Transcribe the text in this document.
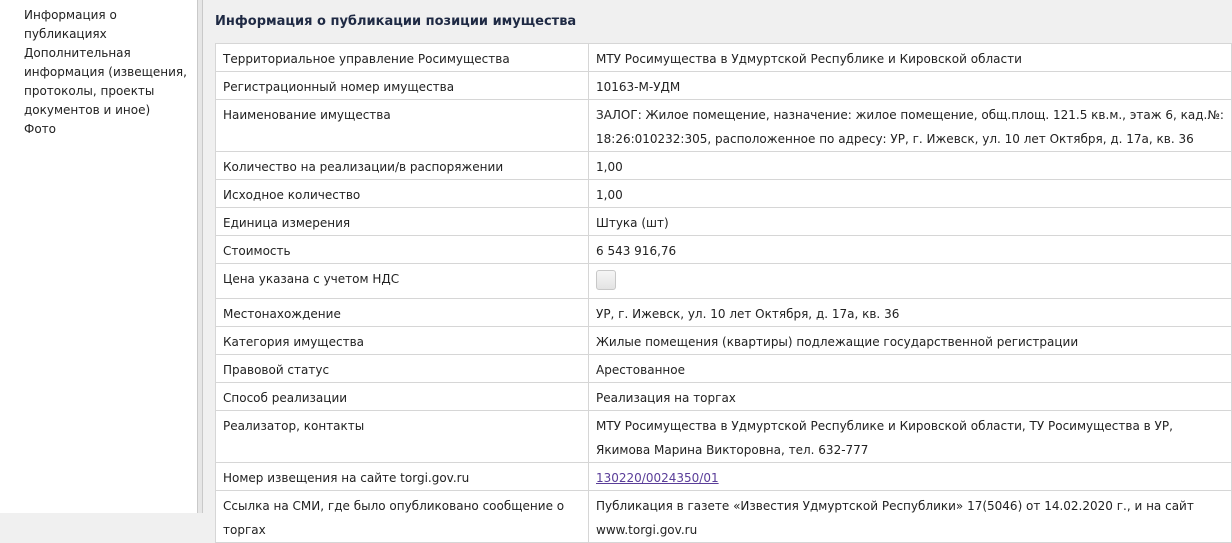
Информация о публикациях
Дополнительная информация (извещения, протоколы, проекты документов и иное)
Фото
Информация о публикации позиции имущества
Территориальное управление Росимущества	МТУ Росимущества в Удмуртской Республике и Кировской области
Регистрационный номер имущества	10163-М-УДМ
Наименование имущества	ЗАЛОГ: Жилое помещение, назначение: жилое помещение, общ.площ. 121.5 кв.м., этаж 6, кад.№: 18:26:010232:305, расположенное по адресу: УР, г. Ижевск, ул. 10 лет Октября, д. 17а, кв. 36
Количество на реализации/в распоряжении	1,00
Исходное количество	1,00
Единица измерения	Штука (шт)
Стоимость	6 543 916,76
Цена указана с учетом НДС	
Местонахождение	УР, г. Ижевск, ул. 10 лет Октября, д. 17а, кв. 36
Категория имущества	Жилые помещения (квартиры) подлежащие государственной регистрации
Правовой статус	Арестованное
Способ реализации	Реализация на торгах
Реализатор, контакты	МТУ Росимущества в Удмуртской Республике и Кировской области, ТУ Росимущества в УР, Якимова Марина Викторовна, тел. 632-777
Номер извещения на сайте torgi.gov.ru	130220/0024350/01
Ссылка на СМИ, где было опубликовано сообщение о торгах	Публикация в газете «Известия Удмуртской Республики» 17(5046) от 14.02.2020 г., и на сайт www.torgi.gov.ru
